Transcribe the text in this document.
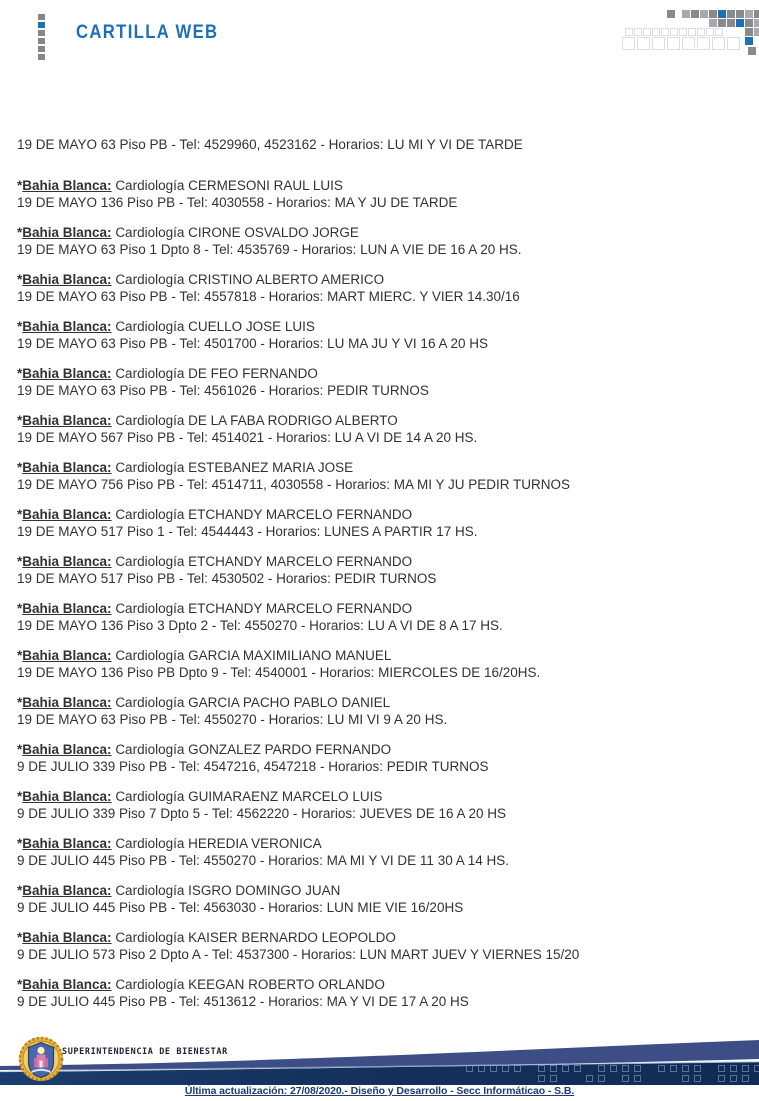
CARTILLA WEB
19 DE MAYO 63 Piso PB - Tel: 4529960, 4523162 - Horarios: LU MI Y VI DE TARDE
*Bahia Blanca: Cardiología CERMESONI RAUL LUIS
19 DE MAYO 136 Piso PB - Tel: 4030558 - Horarios: MA Y JU DE TARDE
*Bahia Blanca: Cardiología CIRONE OSVALDO JORGE
19 DE MAYO 63 Piso 1 Dpto 8 - Tel: 4535769 - Horarios: LUN A VIE DE 16 A 20 HS.
*Bahia Blanca: Cardiología CRISTINO ALBERTO AMERICO
19 DE MAYO 63 Piso PB - Tel: 4557818 - Horarios: MART MIERC. Y VIER 14.30/16
*Bahia Blanca: Cardiología CUELLO JOSE LUIS
19 DE MAYO 63 Piso PB - Tel: 4501700 - Horarios: LU MA JU Y VI 16 A 20 HS
*Bahia Blanca: Cardiología DE FEO FERNANDO
19 DE MAYO 63 Piso PB - Tel: 4561026 - Horarios: PEDIR TURNOS
*Bahia Blanca: Cardiología DE LA FABA RODRIGO ALBERTO
19 DE MAYO 567 Piso PB - Tel: 4514021 - Horarios: LU A VI DE 14 A 20 HS.
*Bahia Blanca: Cardiología ESTEBANEZ MARIA JOSE
19 DE MAYO 756 Piso PB - Tel: 4514711, 4030558 - Horarios: MA MI Y JU PEDIR TURNOS
*Bahia Blanca: Cardiología ETCHANDY MARCELO FERNANDO
19 DE MAYO 517 Piso 1 - Tel: 4544443 - Horarios: LUNES A PARTIR 17 HS.
*Bahia Blanca: Cardiología ETCHANDY MARCELO FERNANDO
19 DE MAYO 517 Piso PB - Tel: 4530502 - Horarios: PEDIR TURNOS
*Bahia Blanca: Cardiología ETCHANDY MARCELO FERNANDO
19 DE MAYO 136 Piso 3 Dpto 2 - Tel: 4550270 - Horarios: LU A VI DE 8 A 17 HS.
*Bahia Blanca: Cardiología GARCIA MAXIMILIANO MANUEL
19 DE MAYO 136 Piso PB Dpto 9 - Tel: 4540001 - Horarios: MIERCOLES DE 16/20HS.
*Bahia Blanca: Cardiología GARCIA PACHO PABLO DANIEL
19 DE MAYO 63 Piso PB - Tel: 4550270 - Horarios: LU MI VI 9 A 20 HS.
*Bahia Blanca: Cardiología GONZALEZ PARDO FERNANDO
9 DE JULIO 339 Piso PB - Tel: 4547216, 4547218 - Horarios: PEDIR TURNOS
*Bahia Blanca: Cardiología GUIMARAENZ MARCELO LUIS
9 DE JULIO 339 Piso 7 Dpto 5 - Tel: 4562220 - Horarios: JUEVES DE 16 A 20 HS
*Bahia Blanca: Cardiología HEREDIA VERONICA
9 DE JULIO 445 Piso PB - Tel: 4550270 - Horarios: MA MI Y VI DE 11 30 A 14 HS.
*Bahia Blanca: Cardiología ISGRO DOMINGO JUAN
9 DE JULIO 445 Piso PB - Tel: 4563030 - Horarios: LUN MIE VIE 16/20HS
*Bahia Blanca: Cardiología KAISER BERNARDO LEOPOLDO
9 DE JULIO 573 Piso 2 Dpto A - Tel: 4537300 - Horarios: LUN MART JUEV Y VIERNES 15/20
*Bahia Blanca: Cardiología KEEGAN ROBERTO ORLANDO
9 DE JULIO 445 Piso PB - Tel: 4513612 - Horarios: MA Y VI DE 17 A 20 HS
SUPERINTENDENCIA DE BIENESTAR
Última actualización: 27/08/2020.- Diseño y Desarrollo - Secc Informáticao - S.B.
